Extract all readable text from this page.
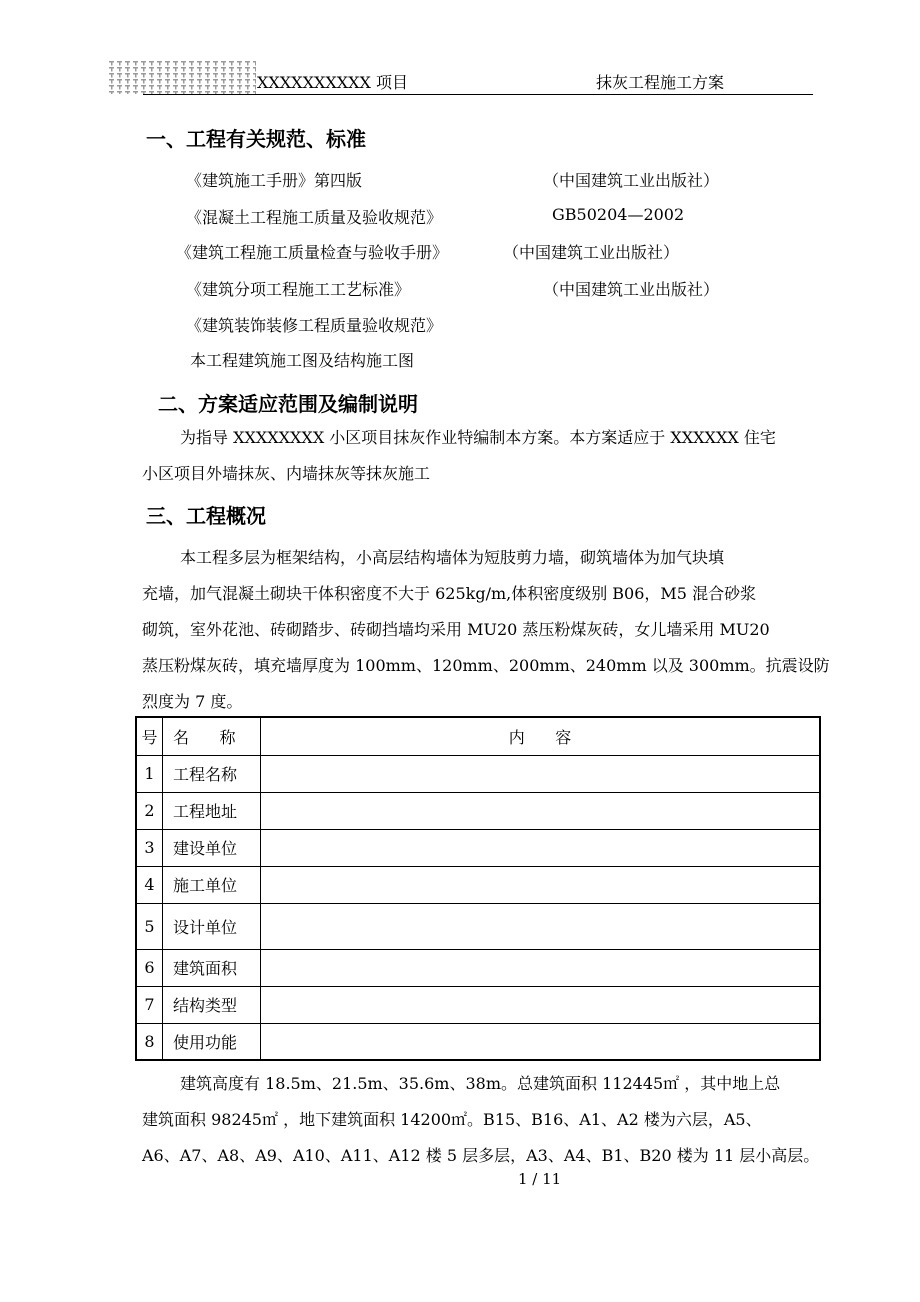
XXXXXXXXXX 项目	抹灰工程施工方案
一、工程有关规范、标准
《建筑施工手册》第四版	（中国建筑工业出版社）
《混凝土工程施工质量及验收规范》	GB50204—2002
《建筑工程施工质量检查与验收手册》	（中国建筑工业出版社）
《建筑分项工程施工工艺标准》	（中国建筑工业出版社）
《建筑装饰装修工程质量验收规范》
本工程建筑施工图及结构施工图
二、方案适应范围及编制说明
为指导 XXXXXXXX 小区项目抹灰作业特编制本方案。本方案适应于 XXXXXX 住宅
小区项目外墙抹灰、内墙抹灰等抹灰施工
三、工程概况
本工程多层为框架结构，小高层结构墙体为短肢剪力墙，砌筑墙体为加气块填
充墙，加气混凝土砌块干体积密度不大于 625kg/m,体积密度级别 B06，M5 混合砂浆
砌筑，室外花池、砖砌踏步、砖砌挡墙均采用 MU20 蒸压粉煤灰砖，女儿墙采用 MU20
蒸压粉煤灰砖，填充墙厚度为 100mm、120mm、200mm、240mm 以及 300mm。抗震设防
烈度为 7 度。
号	名      称	内      容
1	工程名称	
2	工程地址	
3	建设单位	
4	施工单位	
5	设计单位	
6	建筑面积	
7	结构类型	
8	使用功能	
建筑高度有 18.5m、21.5m、35.6m、38m。总建筑面积 112445㎡ ，其中地上总
建筑面积 98245㎡ ，地下建筑面积 14200㎡。B15、B16、A1、A2 楼为六层，A5、
A6、A7、A8、A9、A10、A11、A12 楼 5 层多层，A3、A4、B1、B20 楼为 11 层小高层。
1 / 11
